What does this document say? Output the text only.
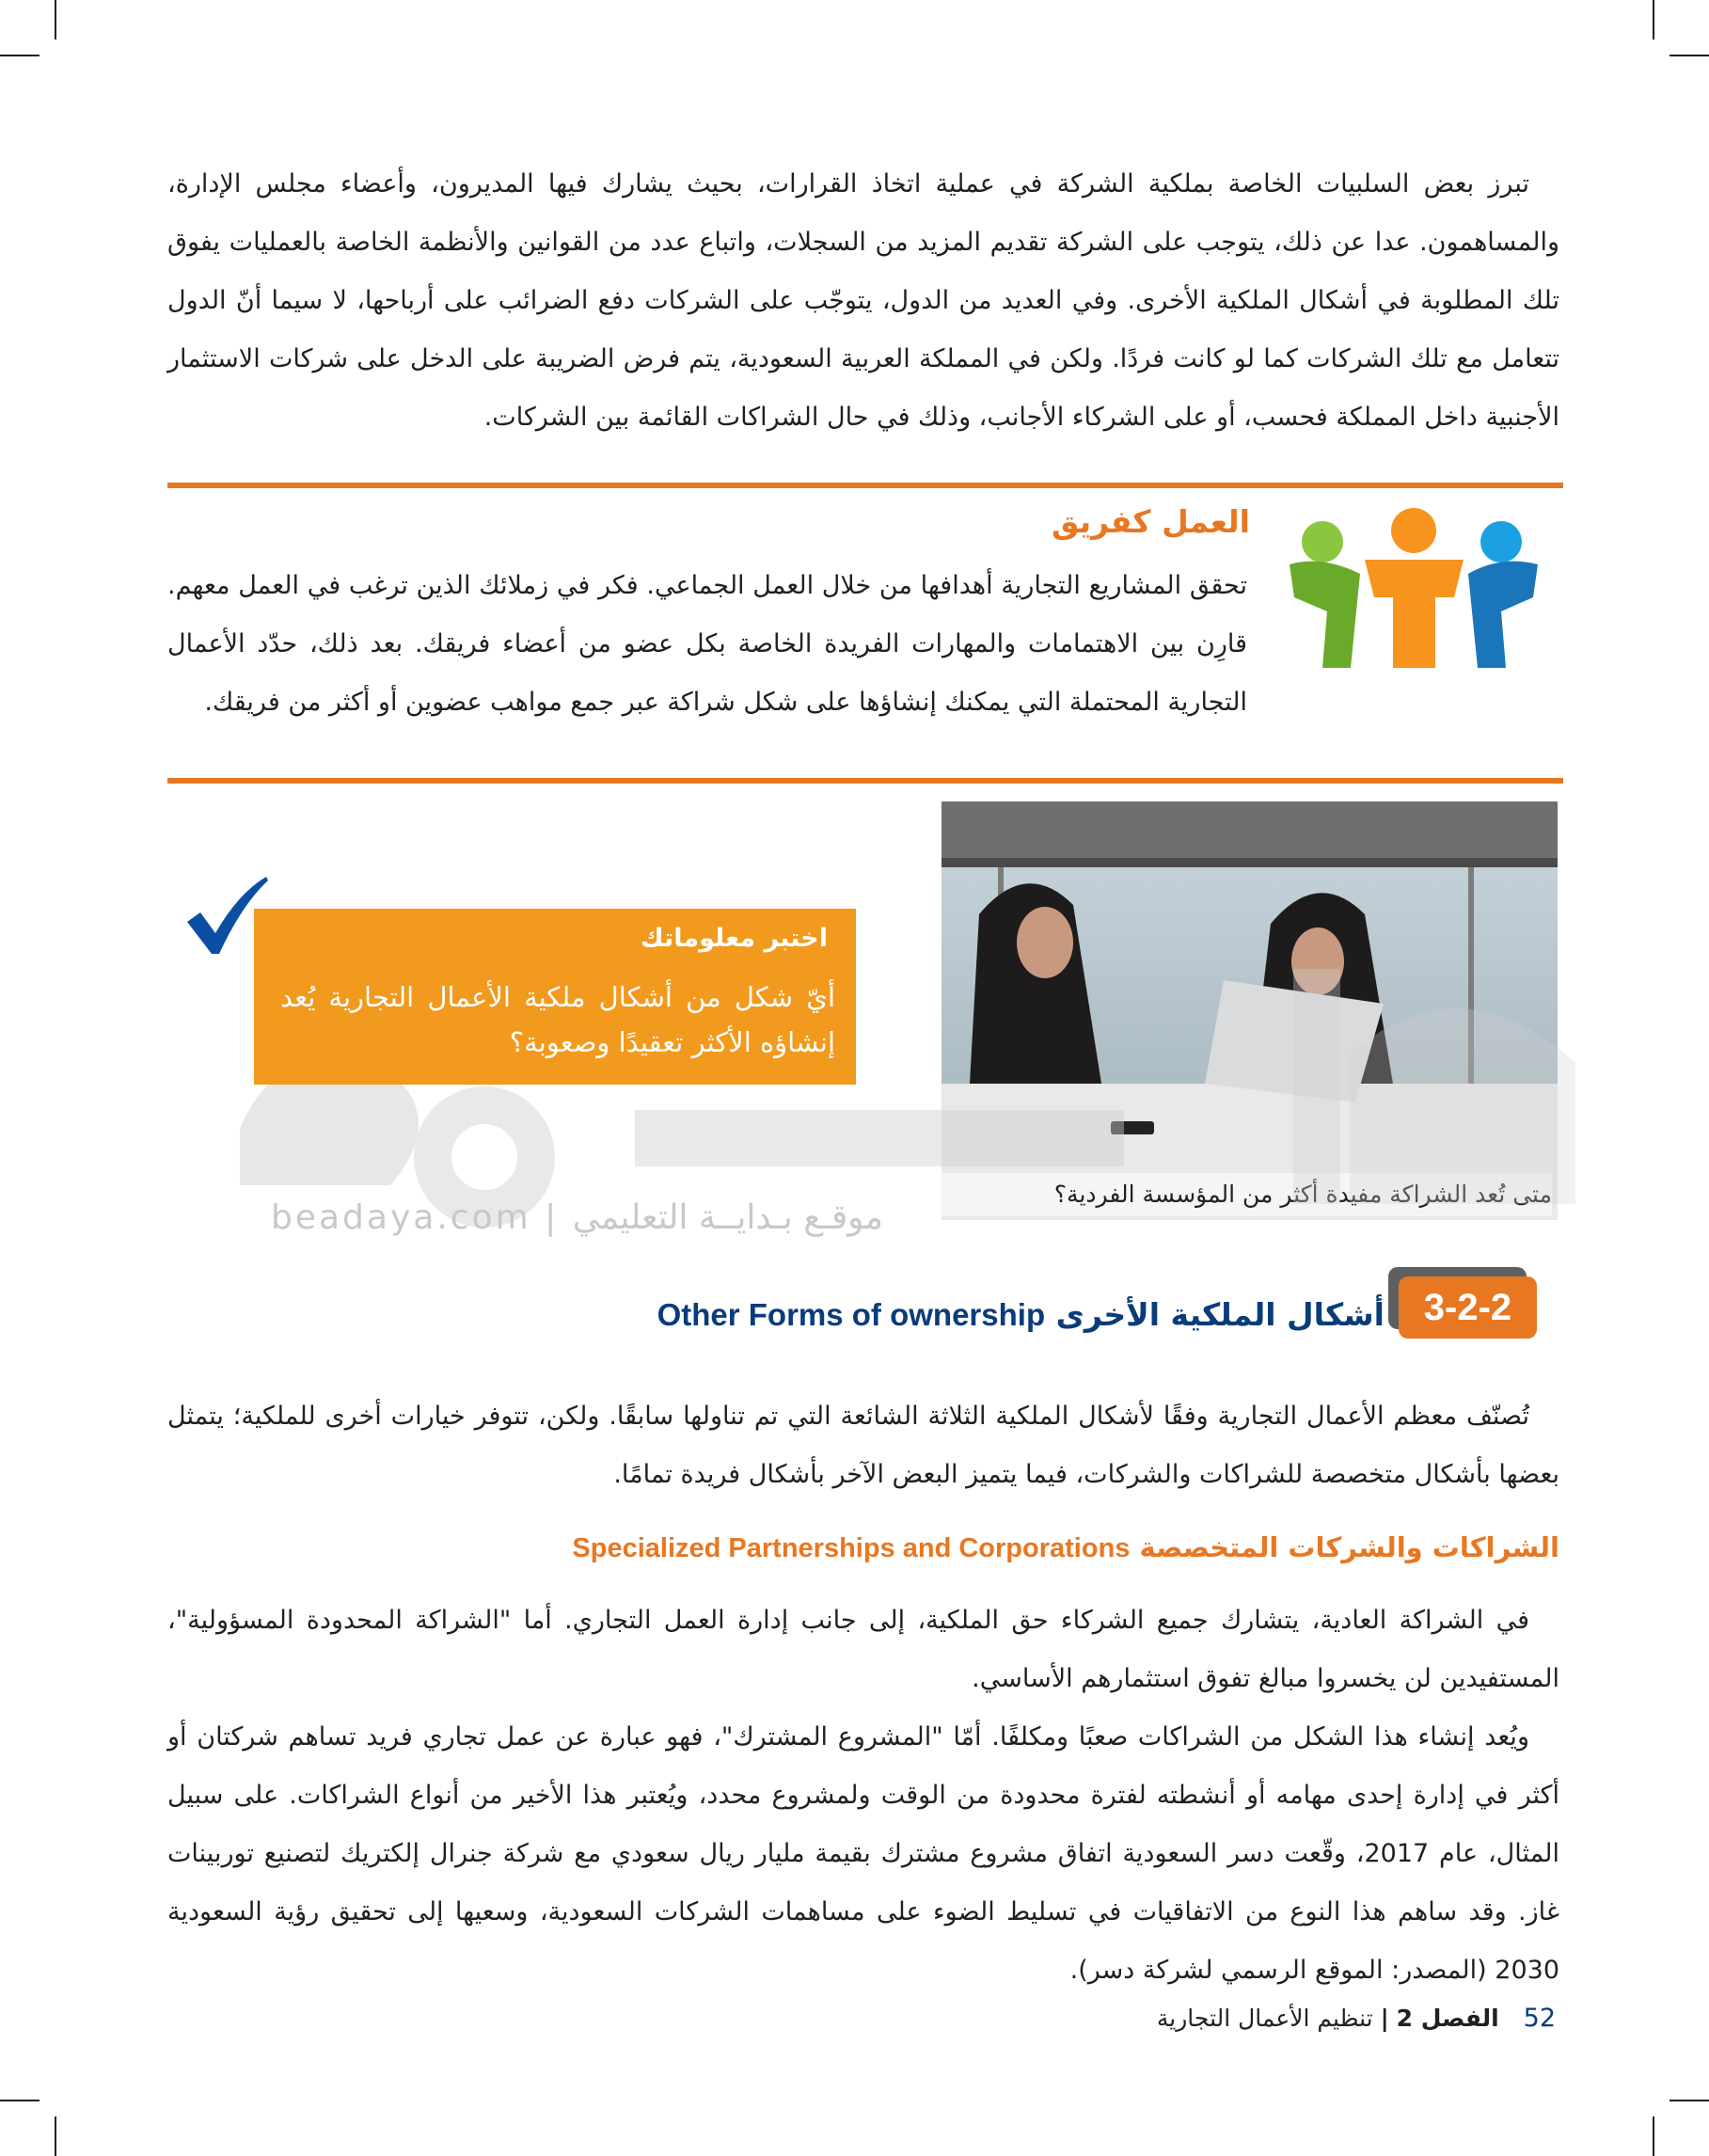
تبرز بعض السلبيات الخاصة بملكية الشركة في عملية اتخاذ القرارات، بحيث يشارك فيها المديرون، وأعضاء مجلس الإدارة، والمساهمون. عدا عن ذلك، يتوجب على الشركة تقديم المزيد من السجلات، واتباع عدد من القوانين والأنظمة الخاصة بالعمليات يفوق تلك المطلوبة في أشكال الملكية الأخرى. وفي العديد من الدول، يتوجّب على الشركات دفع الضرائب على أرباحها، لا سيما أنّ الدول تتعامل مع تلك الشركات كما لو كانت فردًا. ولكن في المملكة العربية السعودية، يتم فرض الضريبة على الدخل على شركات الاستثمار الأجنبية داخل المملكة فحسب، أو على الشركاء الأجانب، وذلك في حال الشراكات القائمة بين الشركات.

العمل كفريق
تحقق المشاريع التجارية أهدافها من خلال العمل الجماعي. فكر في زملائك الذين ترغب في العمل معهم. قارِن بين الاهتمامات والمهارات الفريدة الخاصة بكل عضو من أعضاء فريقك. بعد ذلك، حدّد الأعمال التجارية المحتملة التي يمكنك إنشاؤها على شكل شراكة عبر جمع مواهب عضوين أو أكثر من فريقك.
متى تُعد الشراكة مفيدة أكثر من المؤسسة الفردية؟
beadaya.com | موقـع بـدايــة التعليمي
اختبر معلوماتك
أيّ شكل من أشكال ملكية الأعمال التجارية يُعد إنشاؤه الأكثر تعقيدًا وصعوبة؟
3-2-2
أشكال الملكية الأخرى Other Forms of ownership

تُصنّف معظم الأعمال التجارية وفقًا لأشكال الملكية الثلاثة الشائعة التي تم تناولها سابقًا. ولكن، تتوفر خيارات أخرى للملكية؛ يتمثل بعضها بأشكال متخصصة للشراكات والشركات، فيما يتميز البعض الآخر بأشكال فريدة تمامًا.

الشراكات والشركات المتخصصة Specialized Partnerships and Corporations

في الشراكة العادية، يتشارك جميع الشركاء حق الملكية، إلى جانب إدارة العمل التجاري. أما "الشراكة المحدودة المسؤولية"، المستفيدين لن يخسروا مبالغ تفوق استثمارهم الأساسي.

ويُعد إنشاء هذا الشكل من الشراكات صعبًا ومكلفًا. أمّا "المشروع المشترك"، فهو عبارة عن عمل تجاري فريد تساهم شركتان أو أكثر في إدارة إحدى مهامه أو أنشطته لفترة محدودة من الوقت ولمشروع محدد، ويُعتبر هذا الأخير من أنواع الشراكات. على سبيل المثال، عام 2017، وقّعت دسر السعودية اتفاق مشروع مشترك بقيمة مليار ريال سعودي مع شركة جنرال إلكتريك لتصنيع توربينات غاز. وقد ساهم هذا النوع من الاتفاقيات في تسليط الضوء على مساهمات الشركات السعودية، وسعيها إلى تحقيق رؤية السعودية 2030 (المصدر: الموقع الرسمي لشركة دسر).

52 الفصل 2 | تنظيم الأعمال التجارية
